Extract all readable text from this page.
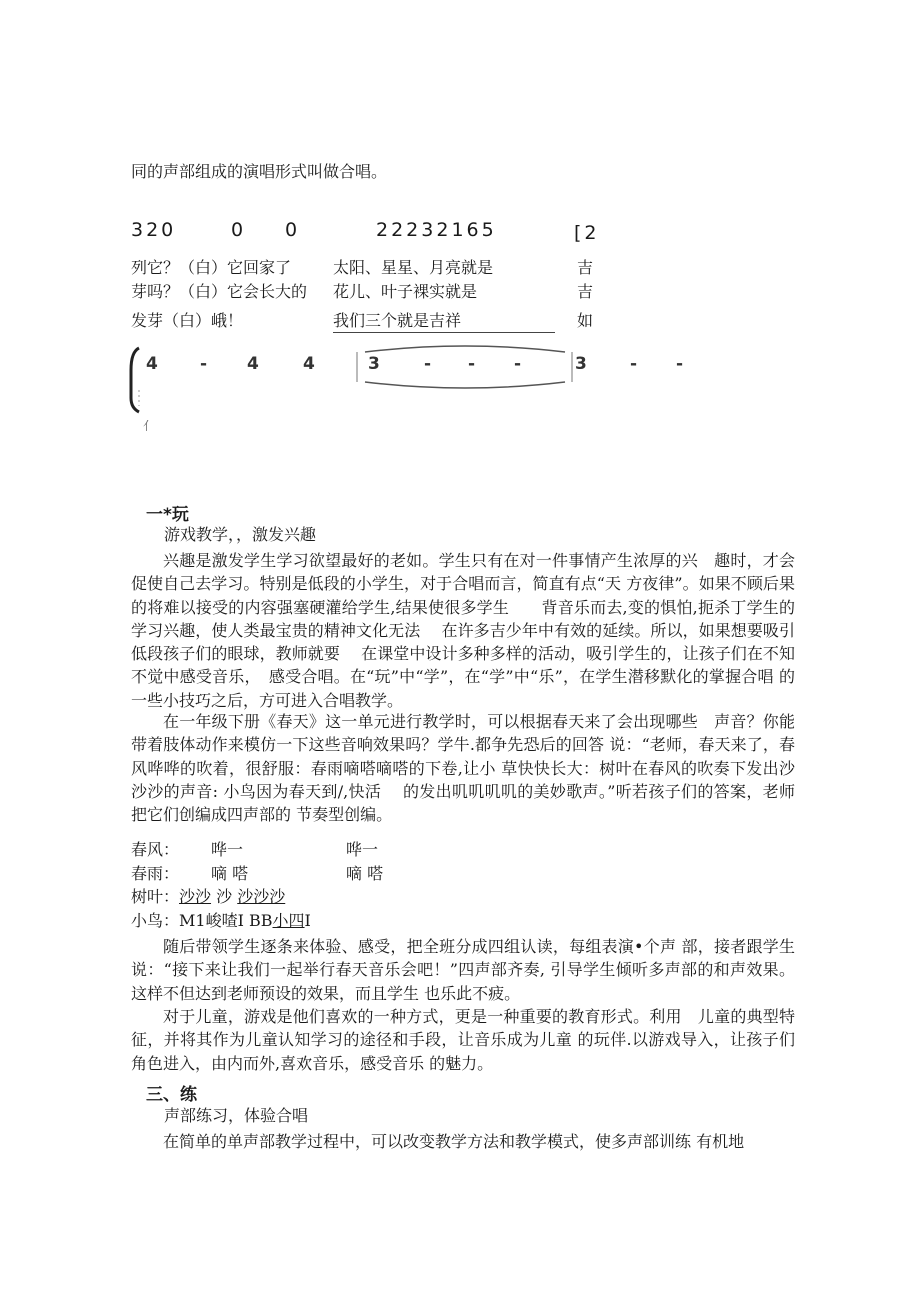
同的声部组成的演唱形式叫做合唱。
320	0 0	22232165	[2
列它？（白）它回家了	太阳、星星、月亮就是	吉
芽吗？（白）它会长大的 花儿、叶子裸实就是	吉
发芽（白）峨！	我们三个就是吉祥	如
⺅
4 - 4	4	3	- - -	3	- -
一*玩
游戏教学，，激发兴趣
兴趣是激发学生学习欲望最好的老如。学生只有在对一件事情产生浓厚的兴　趣时，才会促使自己去学习。特别是低段的小学生，对于合唱而言，简直有点“天 方夜律”。如果不顾后果的将难以接受的内容强塞硬灌给学生,结果使很多学生　　背音乐而去,变的惧怕,扼杀丁学生的学习兴趣，使人类最宝贵的精神文化无法　 在许多吉少年中有效的延续。所以，如果想要吸引低段孩子们的眼球，教师就要　 在课堂中设计多种多样的活动，吸引学生的，让孩子们在不知不觉中感受音乐，　感受合唱。在“玩”中“学”，在“学”中“乐”，在学生潜移默化的掌握合唱 的一些小技巧之后，方可进入合唱教学。
在一年级下册《春天》这一单元进行教学时，可以根据春天来了会出现哪些　声音？你能带着肢体动作来模仿一下这些音响效果吗？学牛.都争先恐后的回答 说：“老师，春天来了，春风哗哗的吹着，很舒服：春雨嘀嗒嘀嗒的下卷,让小 草快快长大：树叶在春风的吹奏下发出沙沙沙的声音: 小鸟因为春天到/,快活　 的发出叽叽叽叽的美妙歌声。”听若孩子们的答案，老师把它们创编成四声部的 节奏型创编。
春风： 哗一	哗一
春雨： 嘀 嗒	嘀 嗒
树叶：沙沙 沙 沙沙沙
小鸟：M1峻喳I BB小四I
随后带领学生逐条来体验、感受，把全班分成四组认读，每组表演•个声 部，接者跟学生说：“接下来让我们一起举行春天音乐会吧！”四声部齐奏, 引导学生倾听多声部的和声效果。这样不但达到老师预设的效果，而且学生 也乐此不疲。
对于儿童，游戏是他们喜欢的一种方式，更是一种重要的教育形式。利用　儿童的典型特征，并将其作为儿童认知学习的途径和手段，让音乐成为儿童 的玩伴.以游戏导入，让孩子们角色进入，由内而外,喜欢音乐，感受音乐 的魅力。
三、练
声部练习，体验合唱
在简单的单声部教学过程中，可以改变教学方法和教学模式，使多声部训练 有机地
